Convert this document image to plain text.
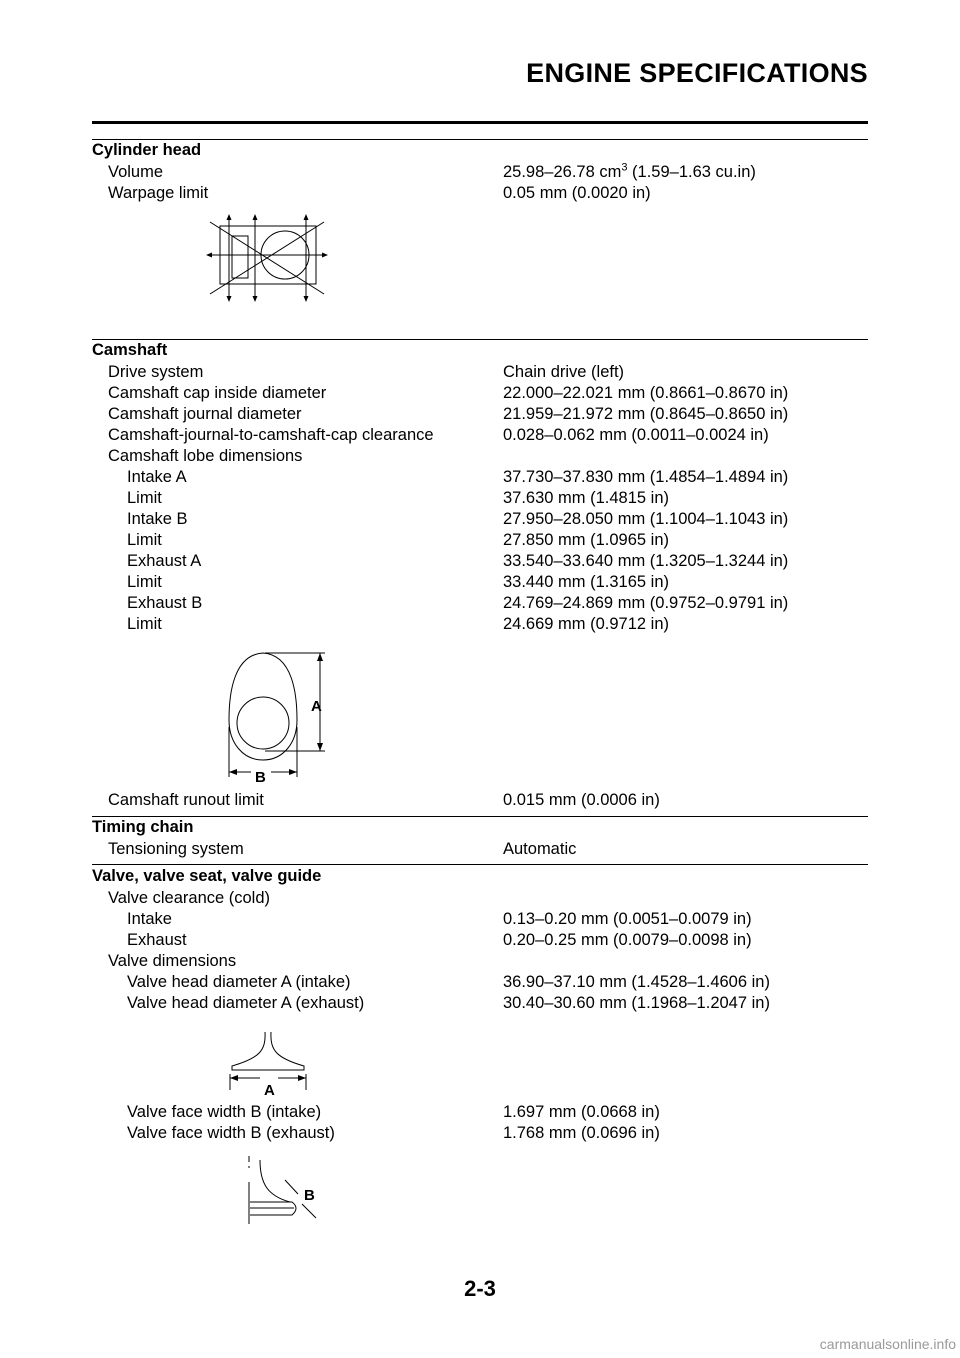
ENGINE SPECIFICATIONS
Cylinder head
Volume	25.98–26.78 $cm^3$ (1.59–1.63 cu.in)
Warpage limit	0.05 mm (0.0020 in)
Camshaft
Drive system	Chain drive (left)
Camshaft cap inside diameter	22.000–22.021 mm (0.8661–0.8670 in)
Camshaft journal diameter	21.959–21.972 mm (0.8645–0.8650 in)
Camshaft-journal-to-camshaft-cap clearance	0.028–0.062 mm (0.0011–0.0024 in)
Camshaft lobe dimensions
Intake A	37.730–37.830 mm (1.4854–1.4894 in)
Limit	37.630 mm (1.4815 in)
Intake B	27.950–28.050 mm (1.1004–1.1043 in)
Limit	27.850 mm (1.0965 in)
Exhaust A	33.540–33.640 mm (1.3205–1.3244 in)
Limit	33.440 mm (1.3165 in)
Exhaust B	24.769–24.869 mm (0.9752–0.9791 in)
Limit	24.669 mm (0.9712 in)
A
B
Camshaft runout limit	0.015 mm (0.0006 in)
Timing chain
Tensioning system	Automatic
Valve, valve seat, valve guide
Valve clearance (cold)
Intake	0.13–0.20 mm (0.0051–0.0079 in)
Exhaust	0.20–0.25 mm (0.0079–0.0098 in)
Valve dimensions
Valve head diameter A (intake)	36.90–37.10 mm (1.4528–1.4606 in)
Valve head diameter A (exhaust)	30.40–30.60 mm (1.1968–1.2047 in)
A
Valve face width B (intake)	1.697 mm (0.0668 in)
Valve face width B (exhaust)	1.768 mm (0.0696 in)
B
2-3
carmanualsonline.info
